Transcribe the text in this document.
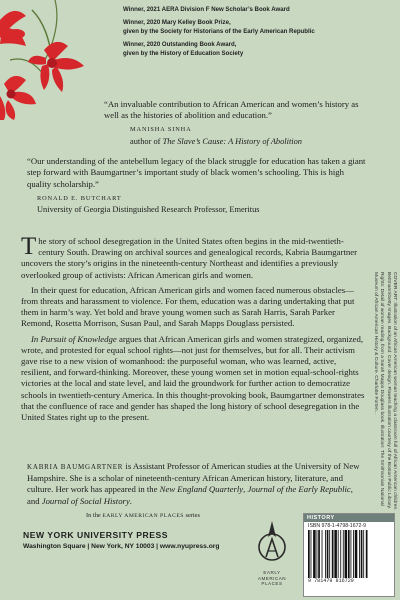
Winner, 2021 AERA Division F New Scholar’s Book Award
Winner, 2020 Mary Kelley Book Prize,
given by the Society for Historians of the Early American Republic
Winner, 2020 Outstanding Book Award,
given by the History of Education Society

“An invaluable contribution to African American and women’s history as well as the histories of abolition and education.”

MANISHA SINHA
author of The Slave’s Cause: A History of Abolition

“Our understanding of the antebellum legacy of the black struggle for education has taken a giant step forward with Baumgartner’s important study of black women’s schooling. This is high quality scholarship.”

RONALD E. BUTCHART
University of Georgia Distinguished Research Professor, Emeritus

The story of school desegregation in the United States often begins in the mid-twentieth-century South. Drawing on archival sources and genealogical records, Kabria Baumgartner uncovers the story’s origins in the nineteenth-century Northeast and identifies a previously overlooked group of activists: African American girls and women.

In their quest for education, African American girls and women faced numerous obstacles—from threats and harassment to violence. For them, education was a daring undertaking that put them in harm’s way. Yet bold and brave young women such as Sarah Harris, Sarah Parker Remond, Rosetta Morrison, Susan Paul, and Sarah Mapps Douglass persisted.

In Pursuit of Knowledge argues that African American girls and women strategized, organized, wrote, and protested for equal school rights—not just for themselves, but for all. Their activism gave rise to a new vision of womanhood: the purposeful woman, who was learned, active, resilient, and forward-thinking. Moreover, these young women set in motion equal-school-rights victories at the local and state level, and laid the groundwork for further action to democratize schools in twentieth-century America. In this thought-provoking book, Baumgartner demonstrates that the confluence of race and gender has shaped the long history of school desegregation in the United States right up to the present.

KABRIA BAUMGARTNER is Assistant Professor of American studies at the University of New Hampshire. She is a scholar of nineteenth-century African American history, literature, and culture. Her work has appeared in the New England Quarterly, Journal of the Early Republic, and Journal of Social History.
In the EARLY AMERICAN PLACES series
NEW YORK UNIVERSITY PRESS
Washington Square | New York, NY 10003 | www.nyupress.org
EARLY
AMERICAN
PLACES
HISTORY
ISBN 978-1-4798-1672-9
9 781479 816729
COVER ART: Illustration of an African American woman teaching a classroom full of African American children. Bettmann/Getty Images. Background: Cover design. Flowers illustration courtesy of the Boston Public Library. Rights: Detail of woman reading, from a Sarah Mapps Douglass book. Illustration: The Smithsonian National Museum of African American History & Culture. Charlotte Forten...
